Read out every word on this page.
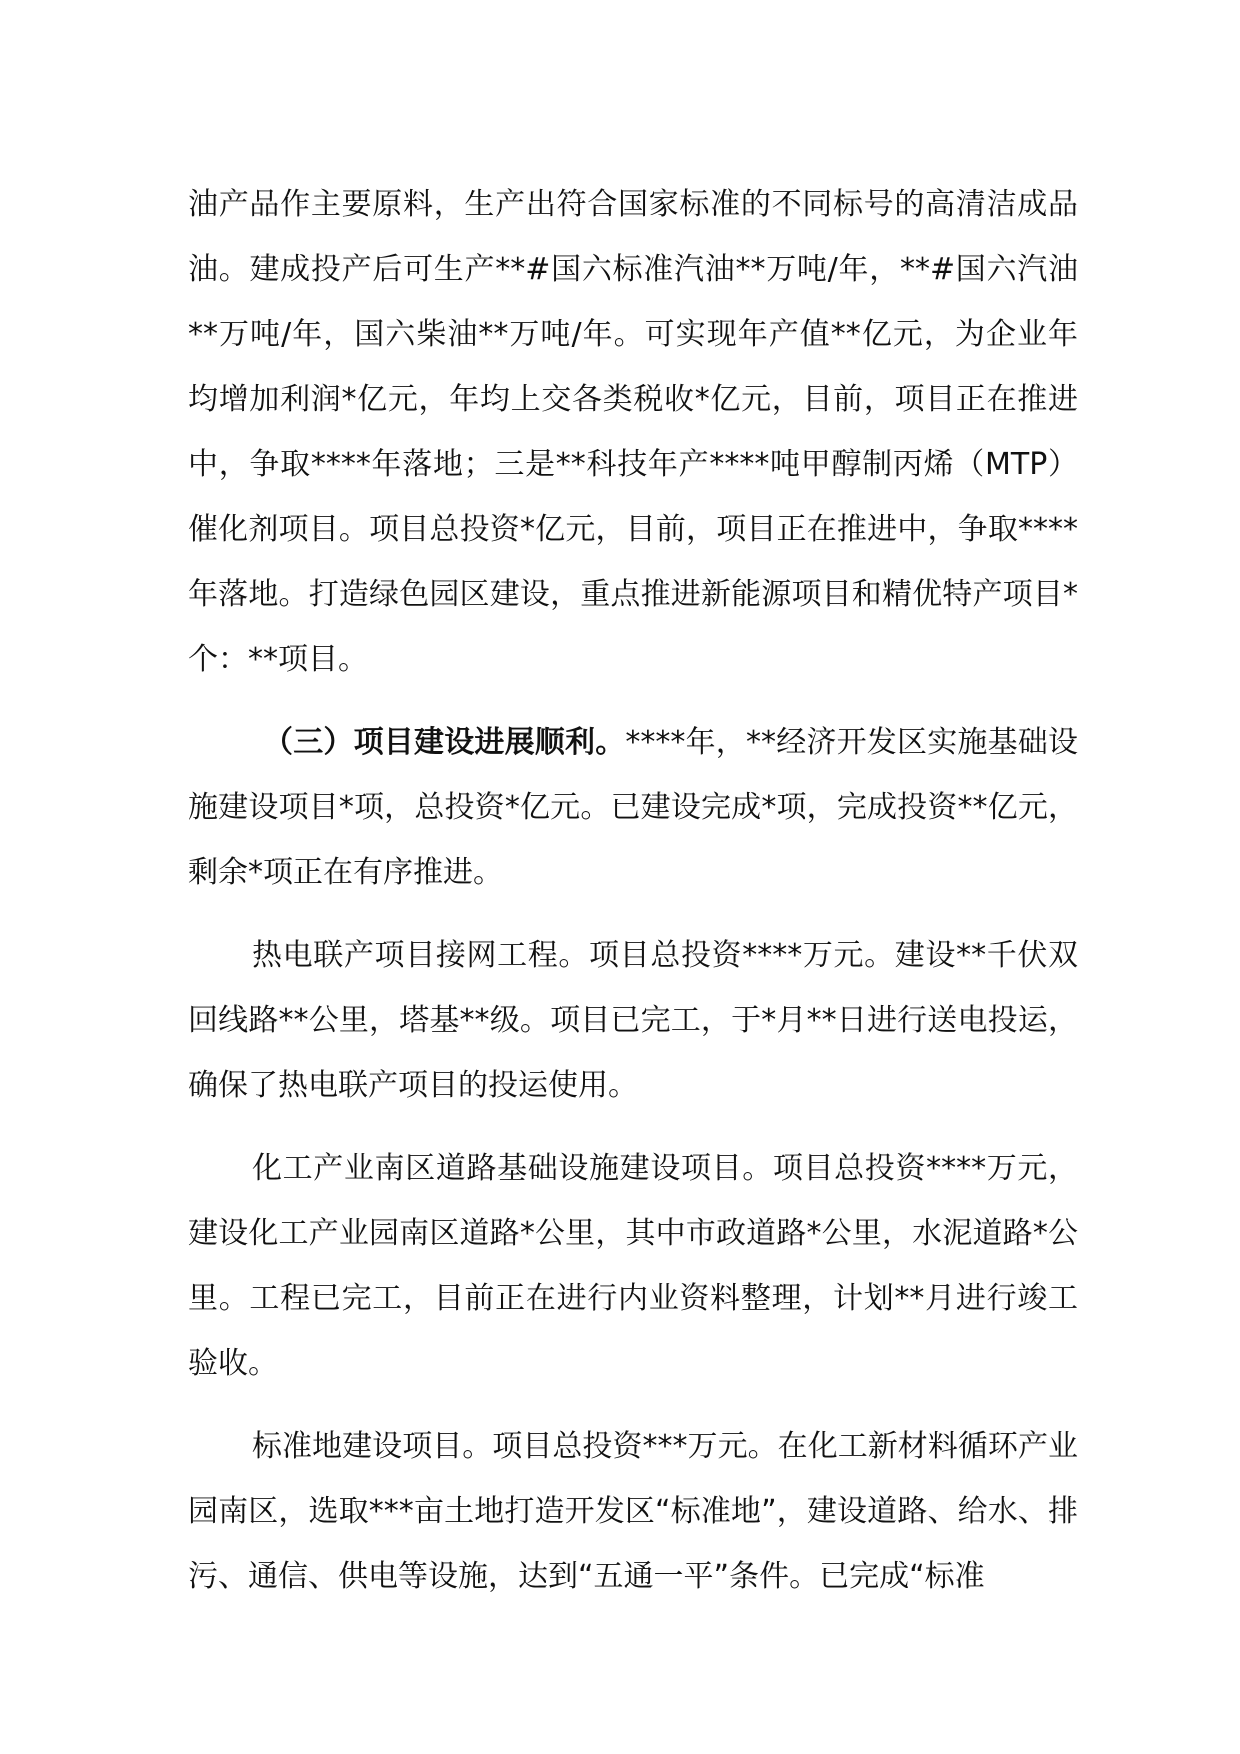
油产品作主要原料，生产出符合国家标准的不同标号的高清洁成品油。建成投产后可生产**#国六标准汽油**万吨/年，**#国六汽油**万吨/年，国六柴油**万吨/年。可实现年产值**亿元，为企业年均增加利润*亿元，年均上交各类税收*亿元，目前，项目正在推进中，争取****年落地；三是**科技年产****吨甲醇制丙烯（MTP）催化剂项目。项目总投资*亿元，目前，项目正在推进中，争取****年落地。打造绿色园区建设，重点推进新能源项目和精优特产项目*个：**项目。

（三）项目建设进展顺利。****年，**经济开发区实施基础设施建设项目*项，总投资*亿元。已建设完成*项，完成投资**亿元，剩余*项正在有序推进。

热电联产项目接网工程。项目总投资****万元。建设**千伏双回线路**公里，塔基**级。项目已完工，于*月**日进行送电投运，确保了热电联产项目的投运使用。

化工产业南区道路基础设施建设项目。项目总投资****万元，建设化工产业园南区道路*公里，其中市政道路*公里，水泥道路*公里。工程已完工，目前正在进行内业资料整理，计划**月进行竣工验收。

标准地建设项目。项目总投资***万元。在化工新材料循环产业园南区，选取***亩土地打造开发区“标准地”，建设道路、给水、排污、通信、供电等设施，达到“五通一平”条件。已完成“标准
